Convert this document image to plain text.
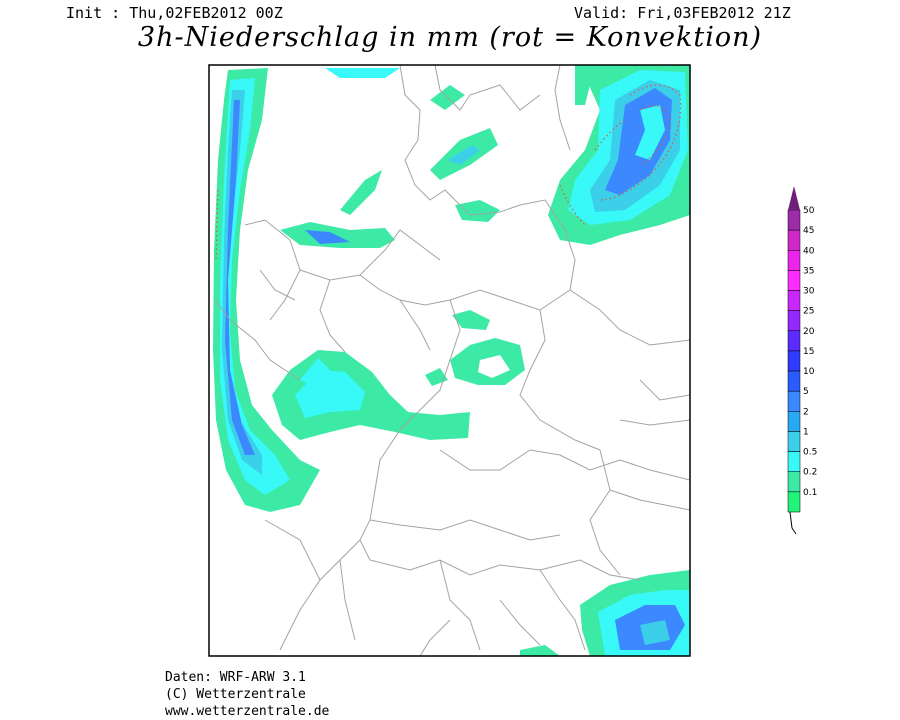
Init : Thu,02FEB2012 00Z	Valid: Fri,03FEB2012 21Z
3h-Niederschlag in mm (rot = Konvektion)
50
45
40
35
30
25
20
15
10
5
2
1
0.5
0.2
0.1
Daten: WRF-ARW 3.1
(C) Wetterzentrale
www.wetterzentrale.de
